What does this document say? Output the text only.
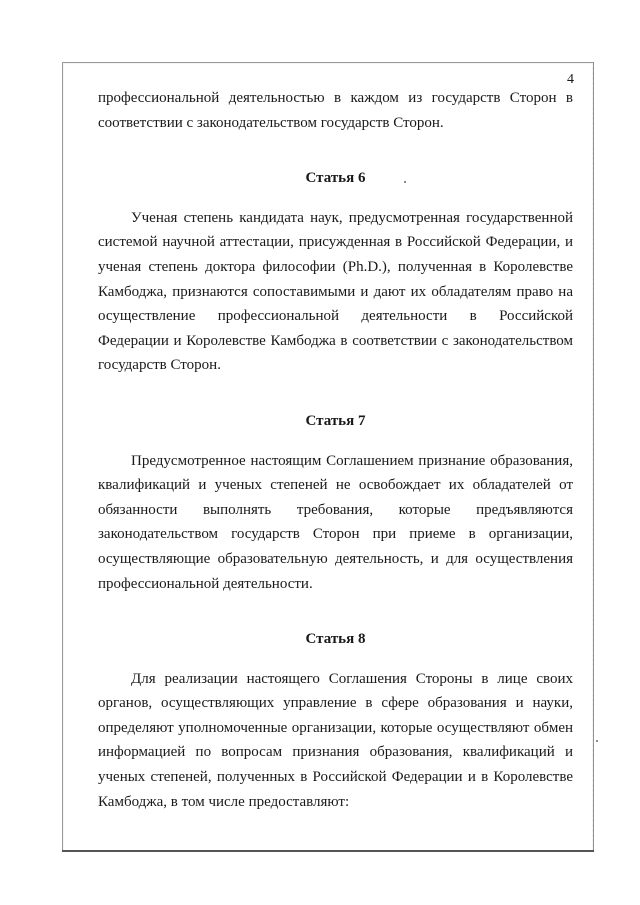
4

профессиональной деятельностью в каждом из государств Сторон в соответствии с законодательством государств Сторон.

Статья 6

Ученая степень кандидата наук, предусмотренная государственной системой научной аттестации, присужденная в Российской Федерации, и ученая степень доктора философии (Ph.D.), полученная в Королевстве Камбоджа, признаются сопоставимыми и дают их обладателям право на осуществление профессиональной деятельности в Российской Федерации и Королевстве Камбоджа в соответствии с законодательством государств Сторон.

Статья 7

Предусмотренное настоящим Соглашением признание образования, квалификаций и ученых степеней не освобождает их обладателей от обязанности выполнять требования, которые предъявляются законодательством государств Сторон при приеме в организации, осуществляющие образовательную деятельность, и для осуществления профессиональной деятельности.

Статья 8

Для реализации настоящего Соглашения Стороны в лице своих органов, осуществляющих управление в сфере образования и науки, определяют уполномоченные организации, которые осуществляют обмен информацией по вопросам признания образования, квалификаций и ученых степеней, полученных в Российской Федерации и в Королевстве Камбоджа, в том числе предоставляют:
